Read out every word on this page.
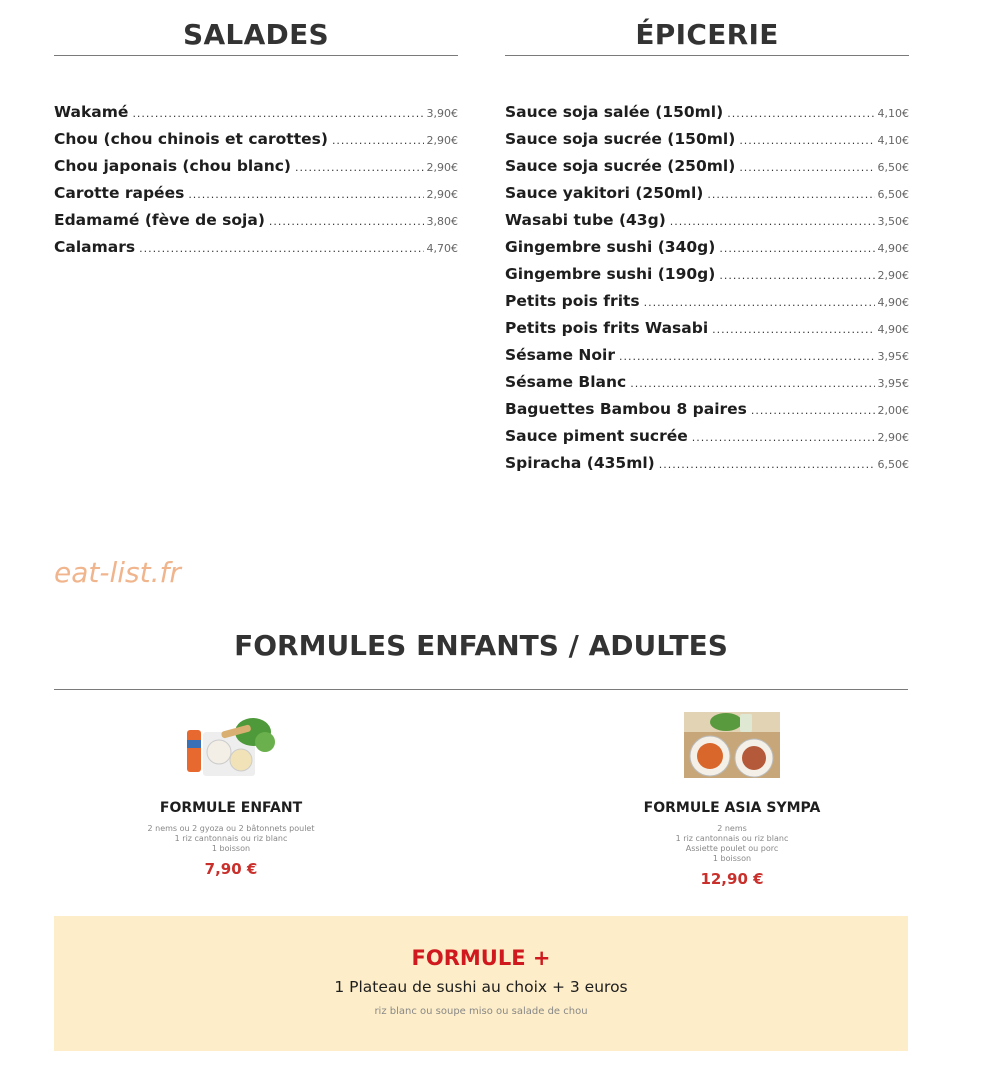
SALADES
Wakamé .....	3,90€
Chou (chou chinois et carottes) .....	2,90€
Chou japonais (chou blanc) .....	2,90€
Carotte rapées .....	2,90€
Edamamé (fève de soja) .....	3,80€
Calamars .....	4,70€
ÉPICERIE
Sauce soja salée (150ml) .....	4,10€
Sauce soja sucrée (150ml) .....	4,10€
Sauce soja sucrée (250ml) .....	6,50€
Sauce yakitori (250ml) .....	6,50€
Wasabi tube (43g) .....	3,50€
Gingembre sushi (340g) .....	4,90€
Gingembre sushi (190g) .....	2,90€
Petits pois frits .....	4,90€
Petits pois frits Wasabi .....	4,90€
Sésame Noir .....	3,95€
Sésame Blanc .....	3,95€
Baguettes Bambou 8 paires .....	2,00€
Sauce piment sucrée .....	2,90€
Spiracha (435ml) .....	6,50€
eat-list.fr
FORMULES ENFANTS / ADULTES
FORMULE ENFANT
2 nems ou 2 gyoza ou 2 bâtonnets poulet
1 riz cantonnais ou riz blanc
1 boisson
7,90 €
FORMULE ASIA SYMPA
2 nems
1 riz cantonnais ou riz blanc
Assiette poulet ou porc
1 boisson
12,90 €
FORMULE +
1 Plateau de sushi au choix + 3 euros
riz blanc ou soupe miso ou salade de chou
